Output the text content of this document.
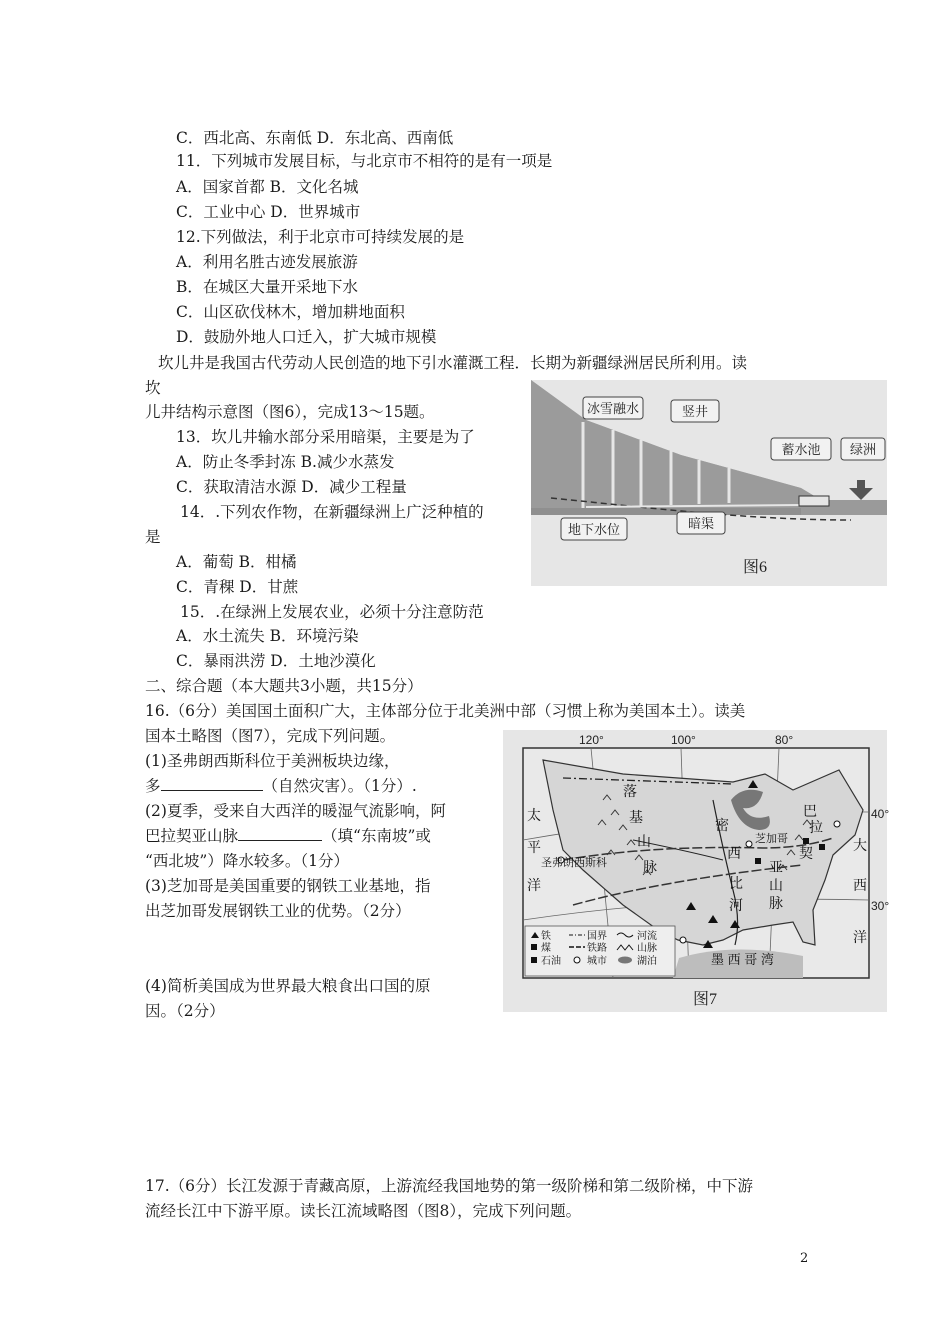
C．西北高、东南低 D．东北高、西南低
11．下列城市发展目标，与北京市不相符的是有一项是
A．国家首都 B．文化名城
C．工业中心 D．世界城市
12.下列做法，利于北京市可持续发展的是
A．利用名胜古迹发展旅游
B．在城区大量开采地下水
C．山区砍伐林木，增加耕地面积
D．鼓励外地人口迁入，扩大城市规模
坎儿井是我国古代劳动人民创造的地下引水灌溉工程．长期为新疆绿洲居民所利用。读
坎
儿井结构示意图（图6），完成13～15题。
13．坎儿井输水部分采用暗渠，主要是为了
A．防止冬季封冻 B.减少水蒸发
C．获取清洁水源 D．减少工程量
14．.下列农作物，在新疆绿洲上广泛种植的
是
A．葡萄 B．柑橘
C．青稞 D．甘蔗
15．.在绿洲上发展农业，必须十分注意防范
A．水土流失 B．环境污染
C．暴雨洪涝 D．土地沙漠化
二、综合题（本大题共3小题，共15分）
16.（6分）美国国土面积广大，主体部分位于北美洲中部（习惯上称为美国本土）。读美
国本土略图（图7），完成下列问题。
(1)圣弗朗西斯科位于美洲板块边缘，
多	（自然灾害）。（1分）.
(2)夏季，受来自大西洋的暖湿气流影响，阿
巴拉契亚山脉	（填“东南坡”或
“西北坡”）降水较多。（1分）
(3)芝加哥是美国重要的钢铁工业基地，指
出芝加哥发展钢铁工业的优势。（2分）
(4)简析美国成为世界最大粮食出口国的原
因。（2分）
17.（6分）长江发源于青藏高原，上游流经我国地势的第一级阶梯和第二级阶梯，中下游
流经长江中下游平原。读长江流域略图（图8），完成下列问题。
2
冰雪融水	竖井
蓄水池 绿洲
地下水位	暗渠
图6
120°	100°	80°
40°
30°
太
平
洋
大
西
洋
落
基
山
脉
密
西
比
河
巴
拉
契
亚
山
脉
圣弗朗西斯科
芝加哥
墨 西 哥 湾
铁
煤
石油
国界
铁路
城市
河流
山脉
湖泊
图7
